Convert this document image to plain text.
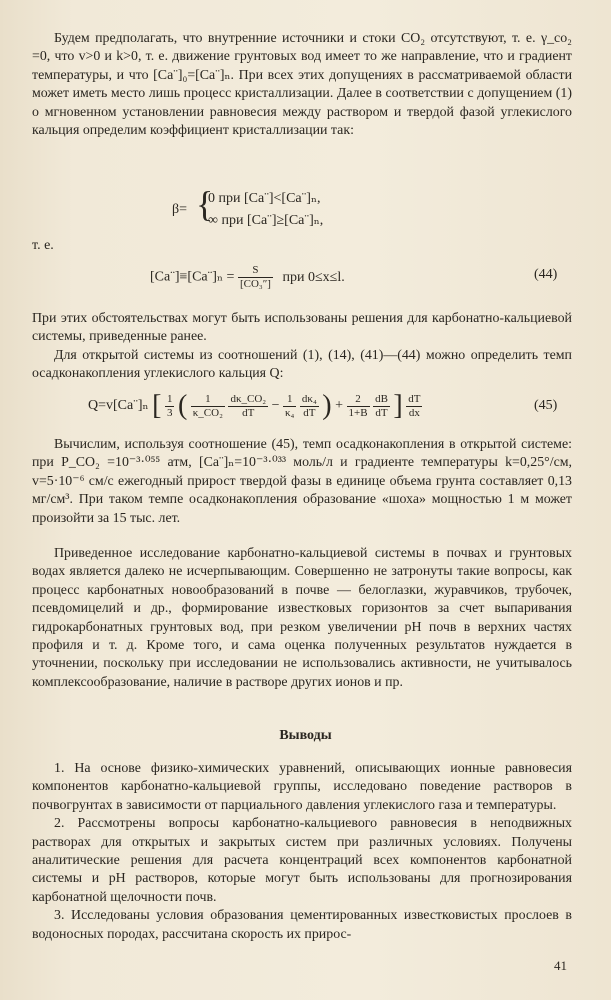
Будем предполагать, что внутренние источники и стоки CO₂ отсутствуют, т. е. γ_co₂ =0, что v>0 и k>0, т. е. движение грунтовых вод имеет то же направление, что и градиент температуры, и что [Ca¨]₀=[Ca¨]ₙ. При всех этих допущениях в рассматриваемой области может иметь место лишь процесс кристаллизации. Далее в соответствии с допущением (1) о мгновенном установлении равновесия между раствором и твердой фазой углекислого кальция определим коэффициент кристаллизации так:

β= {
0 при [Ca¨]<[Ca¨]ₙ,
∞ при [Ca¨]≥[Ca¨]ₙ,
т. е.
[Ca¨]≡[Ca¨]ₙ = $\frac{S}{\text{[CO₃″]}}$ при 0≤x≤l.	(44)

При этих обстоятельствах могут быть использованы решения для карбонатно-кальциевой системы, приведенные ранее.

Для открытой системы из соотношений (1), (14), (41)—(44) можно определить темп осадконакопления углекислого кальция Q:

Q=v[Ca¨]ₙ [ $\frac{1}{3}$ ( $\frac{1}{\text{κ\_CO₂}}$
$\frac{\text{dκ\_CO₂}}{dT} - \frac{1}{\text{κ₄}}$
$\frac{\text{dκ₄}}{dT}$ ) + $\frac{2}{1+B}$
$\frac{dB}{dT}$ ] $\frac{dT}{dx}$	(45)

Вычислим, используя соотношение (45), темп осадконакопления в открытой системе: при P_CO₂ =10⁻³·⁰⁵⁵ атм, [Ca¨]ₙ=10⁻³·⁰³³ моль/л и градиенте температуры k=0,25°/см, v=5·10⁻⁶ см/с ежегодный прирост твердой фазы в единице объема грунта составляет 0,13 мг/см³. При таком темпе осадконакопления образование «шоха» мощностью 1 м может произойти за 15 тыс. лет.

Приведенное исследование карбонатно-кальциевой системы в почвах и грунтовых водах является далеко не исчерпывающим. Совершенно не затронуты такие вопросы, как процесс карбонатных новообразований в почве — белоглазки, журавчиков, трубочек, псевдомицелий и др., формирование известковых горизонтов за счет выпаривания гидрокарбонатных грунтовых вод, при резком увеличении pH почв в верхних частях профиля и т. д. Кроме того, и сама оценка полученных результатов нуждается в уточнении, поскольку при исследовании не использовались активности, не учитывалось комплексообразование, наличие в растворе других ионов и пр.

Выводы

1. На основе физико-химических уравнений, описывающих ионные равновесия компонентов карбонатно-кальциевой группы, исследовано поведение растворов в почвогрунтах в зависимости от парциального давления углекислого газа и температуры.

2. Рассмотрены вопросы карбонатно-кальциевого равновесия в неподвижных растворах для открытых и закрытых систем при различных условиях. Получены аналитические решения для расчета концентраций всех компонентов карбонатной системы и pH растворов, которые могут быть использованы для прогнозирования карбонатной щелочности почв.

3. Исследованы условия образования цементированных известковистых прослоев в водоносных породах, рассчитана скорость их прирос-

41
